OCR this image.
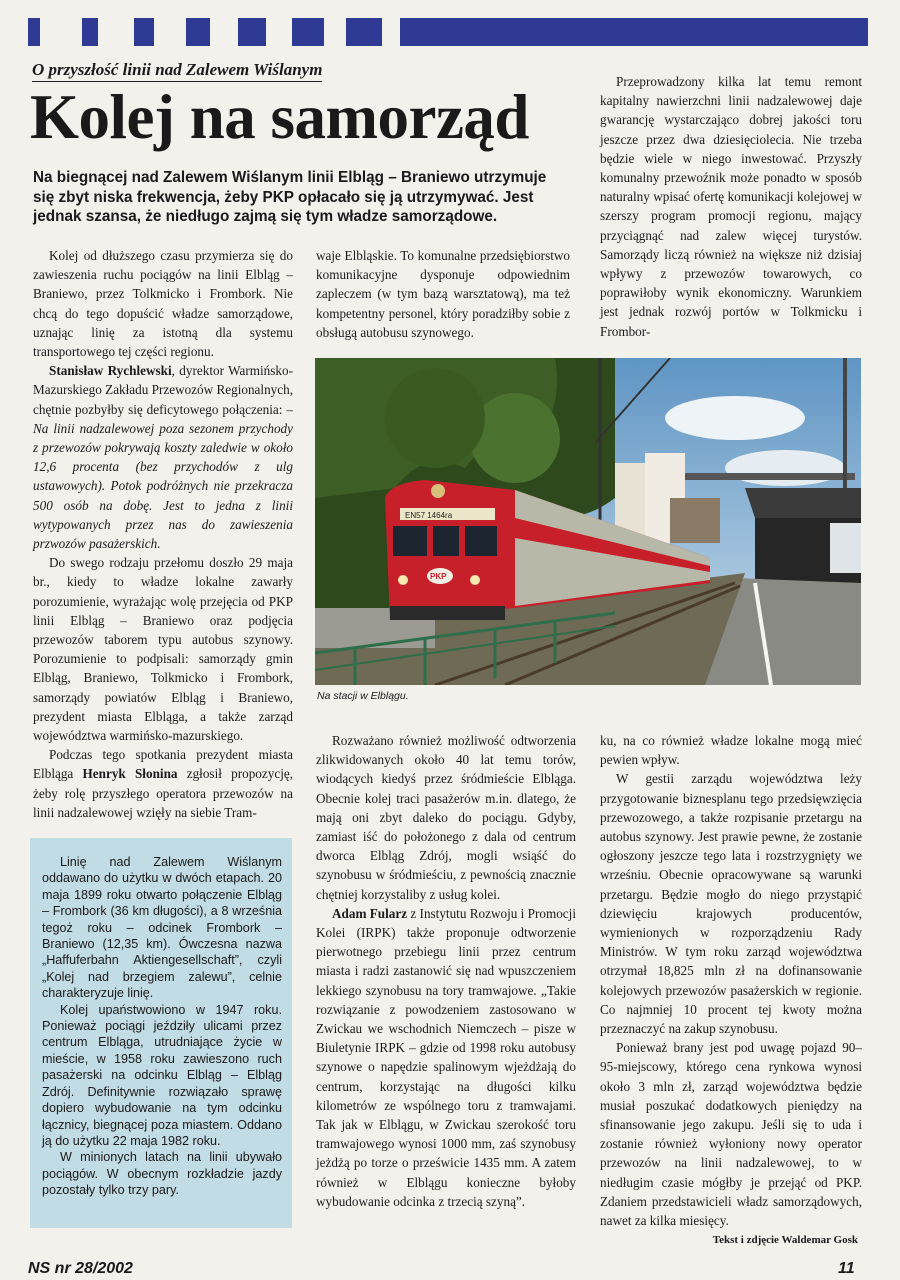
O przyszłość linii nad Zalewem Wiślanym
Kolej na samorząd
Na biegnącej nad Zalewem Wiślanym linii Elbląg – Braniewo utrzymuje się zbyt niska frekwencja, żeby PKP opłacało się ją utrzymywać. Jest jednak szansa, że niedługo zajmą się tym władze samorządowe.

Kolej od dłuższego czasu przymierza się do zawieszenia ruchu pociągów na linii Elbląg – Braniewo, przez Tolkmicko i Frombork. Nie chcą do tego dopuścić władze samorządowe, uznając linię za istotną dla systemu transportowego tej części regionu.

Stanisław Rychlewski, dyrektor Warmińsko-Mazurskiego Zakładu Przewozów Regionalnych, chętnie pozbyłby się deficytowego połączenia: – Na linii nadzalewowej poza sezonem przychody z przewozów pokrywają koszty zaledwie w około 12,6 procenta (bez przychodów z ulg ustawowych). Potok podróżnych nie przekracza 500 osób na dobę. Jest to jedna z linii wytypowanych przez nas do zawieszenia przwozów pasażerskich.

Do swego rodzaju przełomu doszło 29 maja br., kiedy to władze lokalne zawarły porozumienie, wyrażając wolę przejęcia od PKP linii Elbląg – Braniewo oraz podjęcia przewozów taborem typu autobus szynowy. Porozumienie to podpisali: samorządy gmin Elbląg, Braniewo, Tolkmicko i Frombork, samorządy powiatów Elbląg i Braniewo, prezydent miasta Elbląga, a także zarząd województwa warmińsko-mazurskiego.

Podczas tego spotkania prezydent miasta Elbląga Henryk Słonina zgłosił propozycję, żeby rolę przyszłego operatora przewozów na linii nadzalewowej wzięły na siebie Tram-

waje Elbląskie. To komunalne przedsiębiorstwo komunikacyjne dysponuje odpowiednim zapleczem (w tym bazą warsztatową), ma też kompetentny personel, który poradziłby sobie z obsługą autobusu szynowego.

Przeprowadzony kilka lat temu remont kapitalny nawierzchni linii nadzalewowej daje gwarancję wystarczająco dobrej jakości toru jeszcze przez dwa dziesięciolecia. Nie trzeba będzie wiele w niego inwestować. Przyszły komunalny przewoźnik może ponadto w sposób naturalny wpisać ofertę komunikacji kolejowej w szerszy program promocji regionu, mający przyciągnąć nad zalew więcej turystów. Samorządy liczą również na większe niż dzisiaj wpływy z przewozów towarowych, co poprawiłoby wynik ekonomiczny. Warunkiem jest jednak rozwój portów w Tolkmicku i Frombor-

EN57 1464ra
PKP
Na stacji w Elblągu.

Linię nad Zalewem Wiślanym oddawano do użytku w dwóch etapach. 20 maja 1899 roku otwarto połączenie Elbląg – Frombork (36 km długości), a 8 września tegoż roku – odcinek Frombork – Braniewo (12,35 km). Ówczesna nazwa „Haffuferbahn Aktiengesellschaft”, czyli „Kolej nad brzegiem zalewu”, celnie charakteryzuje linię.

Kolej upaństwowiono w 1947 roku. Ponieważ pociągi jeździły ulicami przez centrum Elbląga, utrudniające życie w mieście, w 1958 roku zawieszono ruch pasażerski na odcinku Elbląg – Elbląg Zdrój. Definitywnie rozwiązało sprawę dopiero wybudowanie na tym odcinku łącznicy, biegnącej poza miastem. Oddano ją do użytku 22 maja 1982 roku.

W minionych latach na linii ubywało pociągów. W obecnym rozkładzie jazdy pozostały tylko trzy pary.

Rozważano również możliwość odtworzenia zlikwidowanych około 40 lat temu torów, wiodących kiedyś przez śródmieście Elbląga. Obecnie kolej traci pasażerów m.in. dlatego, że mają oni zbyt daleko do pociągu. Gdyby, zamiast iść do położonego z dala od centrum dworca Elbląg Zdrój, mogli wsiąść do szynobusu w śródmieściu, z pewnością znacznie chętniej korzystaliby z usług kolei.

Adam Fularz z Instytutu Rozwoju i Promocji Kolei (IRPK) także proponuje odtworzenie pierwotnego przebiegu linii przez centrum miasta i radzi zastanowić się nad wpuszczeniem lekkiego szynobusu na tory tramwajowe. „Takie rozwiązanie z powodzeniem zastosowano w Zwickau we wschodnich Niemczech – pisze w Biuletynie IRPK – gdzie od 1998 roku autobusy szynowe o napędzie spalinowym wjeżdżają do centrum, korzystając na długości kilku kilometrów ze wspólnego toru z tramwajami. Tak jak w Elblągu, w Zwickau szerokość toru tramwajowego wynosi 1000 mm, zaś szynobusy jeżdżą po torze o prześwicie 1435 mm. A zatem również w Elblągu konieczne byłoby wybudowanie odcinka z trzecią szyną”.

ku, na co również władze lokalne mogą mieć pewien wpływ.

W gestii zarządu województwa leży przygotowanie biznesplanu tego przedsięwzięcia przewozowego, a także rozpisanie przetargu na autobus szynowy. Jest prawie pewne, że zostanie ogłoszony jeszcze tego lata i rozstrzygnięty we wrześniu. Obecnie opracowywane są warunki przetargu. Będzie mogło do niego przystąpić dziewięciu krajowych producentów, wymienionych w rozporządzeniu Rady Ministrów. W tym roku zarząd województwa otrzymał 18,825 mln zł na dofinansowanie kolejowych przewozów pasażerskich w regionie. Co najmniej 10 procent tej kwoty można przeznaczyć na zakup szynobusu.

Ponieważ brany jest pod uwagę pojazd 90–95-miejscowy, którego cena rynkowa wynosi około 3 mln zł, zarząd województwa będzie musiał poszukać dodatkowych pieniędzy na sfinansowanie jego zakupu. Jeśli się to uda i zostanie również wyłoniony nowy operator przewozów na linii nadzalewowej, to w niedługim czasie mógłby je przejąć od PKP. Zdaniem przedstawicieli władz samorządowych, nawet za kilka miesięcy.

Tekst i zdjęcie Waldemar Gosk
NS nr 28/2002	11
